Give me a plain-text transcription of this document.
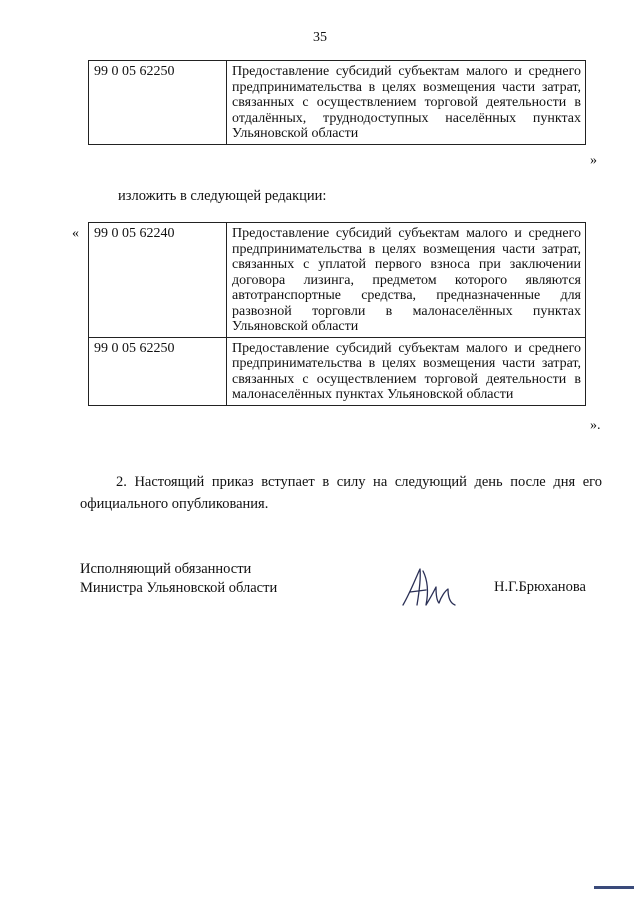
35
99 0 05 62250	Предоставление субсидий субъектам малого и среднего предпринимательства в целях возмещения части затрат, связанных с осуществлением торговой деятельности в отдалённых, труднодоступных населённых пунктах Ульяновской области
»
изложить в следующей редакции:
« 99 0 05 62240	Предоставление субсидий субъектам малого и среднего предпринимательства в целях возмещения части затрат, связанных с уплатой первого взноса при заключении договора лизинга, предметом которого являются автотранспортные средства, предназначенные для развозной торговли в малонаселённых пунктах Ульяновской области
99 0 05 62250	Предоставление субсидий субъектам малого и среднего предпринимательства в целях возмещения части затрат, связанных с осуществлением торговой деятельности в малонаселённых пунктах Ульяновской области
».
2. Настоящий приказ вступает в силу на следующий день после дня его официального опубликования.
Исполняющий обязанности
Министра Ульяновской области	Н.Г.Брюханова
